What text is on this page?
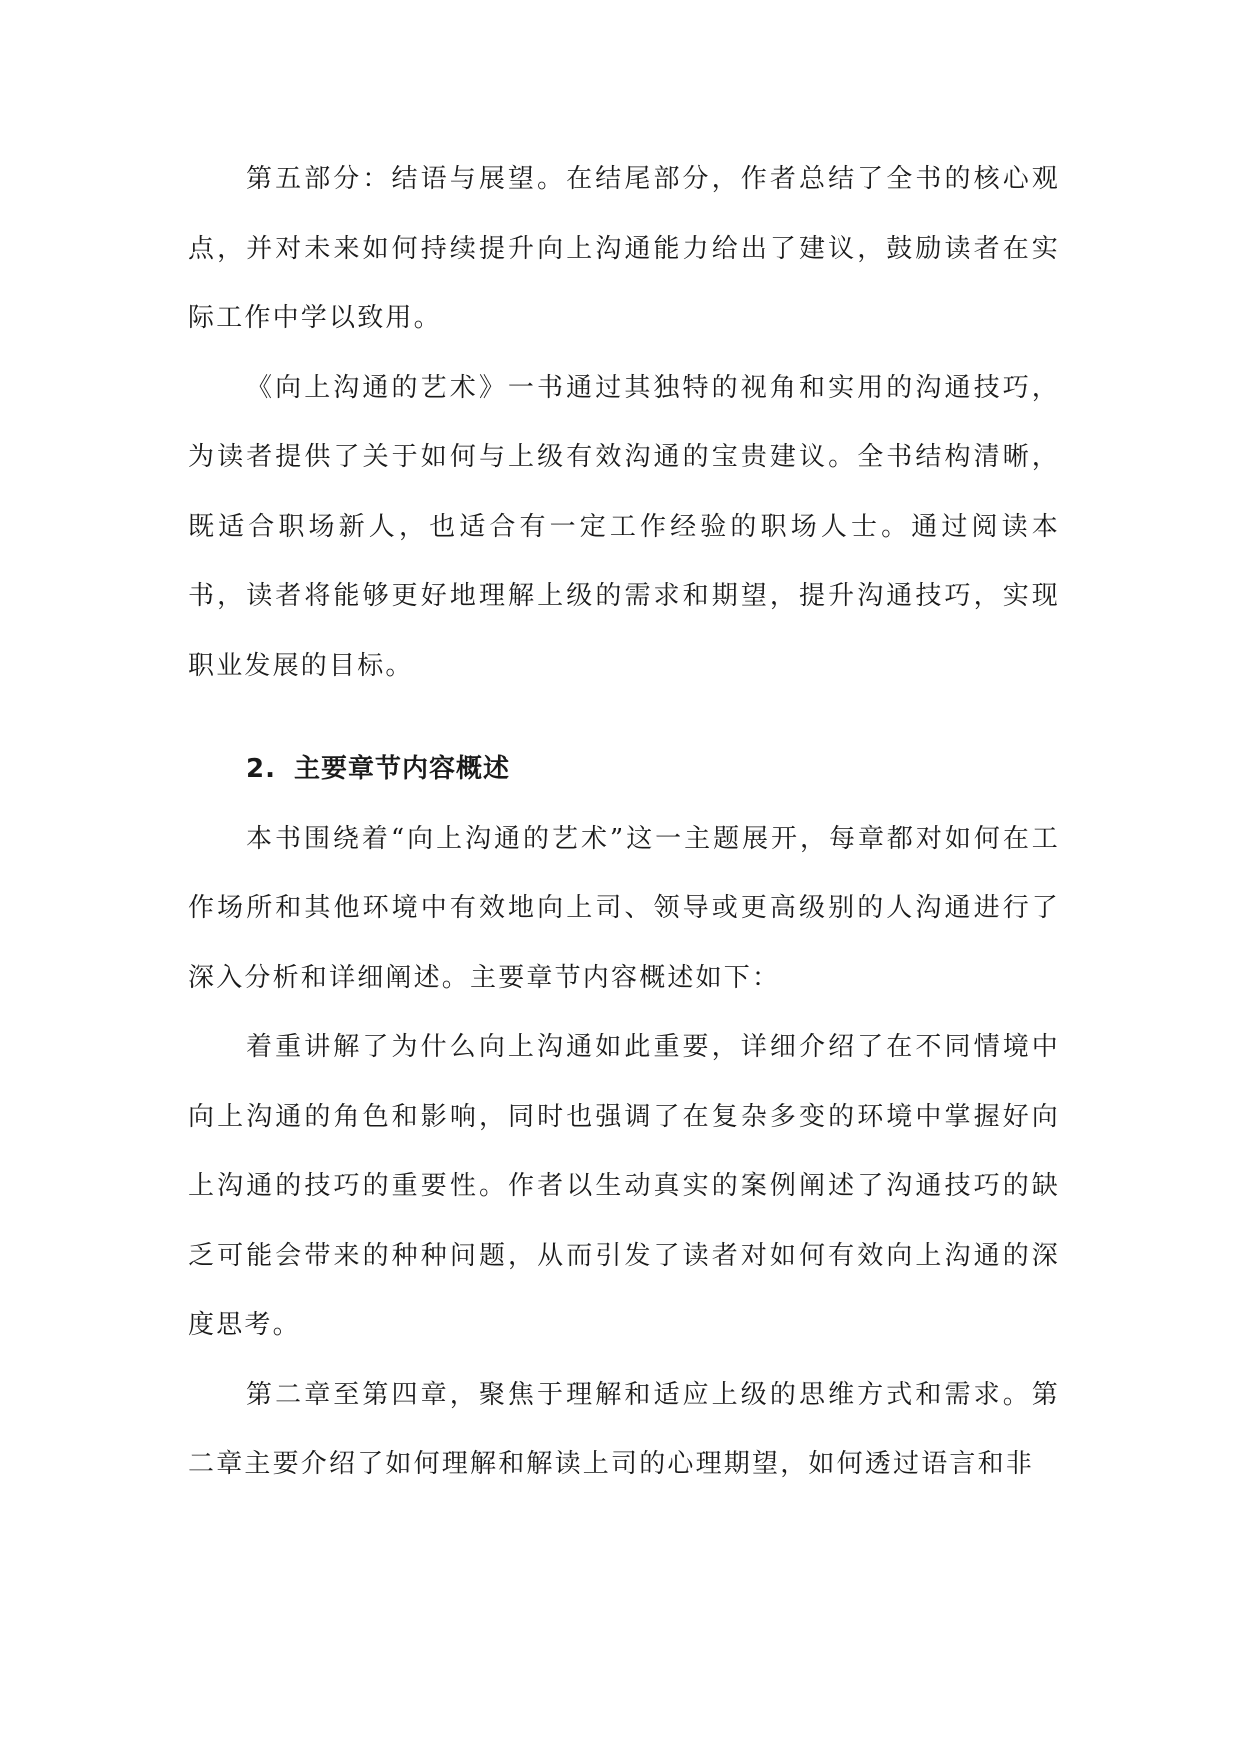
第五部分：结语与展望。在结尾部分，作者总结了全书的核心观点，并对未来如何持续提升向上沟通能力给出了建议，鼓励读者在实际工作中学以致用。

《向上沟通的艺术》一书通过其独特的视角和实用的沟通技巧，为读者提供了关于如何与上级有效沟通的宝贵建议。全书结构清晰，既适合职场新人，也适合有一定工作经验的职场人士。通过阅读本书，读者将能够更好地理解上级的需求和期望，提升沟通技巧，实现职业发展的目标。

2. 主要章节内容概述

本书围绕着“向上沟通的艺术”这一主题展开，每章都对如何在工作场所和其他环境中有效地向上司、领导或更高级别的人沟通进行了深入分析和详细阐述。主要章节内容概述如下：

着重讲解了为什么向上沟通如此重要，详细介绍了在不同情境中向上沟通的角色和影响，同时也强调了在复杂多变的环境中掌握好向上沟通的技巧的重要性。作者以生动真实的案例阐述了沟通技巧的缺乏可能会带来的种种问题，从而引发了读者对如何有效向上沟通的深度思考。

第二章至第四章，聚焦于理解和适应上级的思维方式和需求。第二章主要介绍了如何理解和解读上司的心理期望，如何透过语言和非
